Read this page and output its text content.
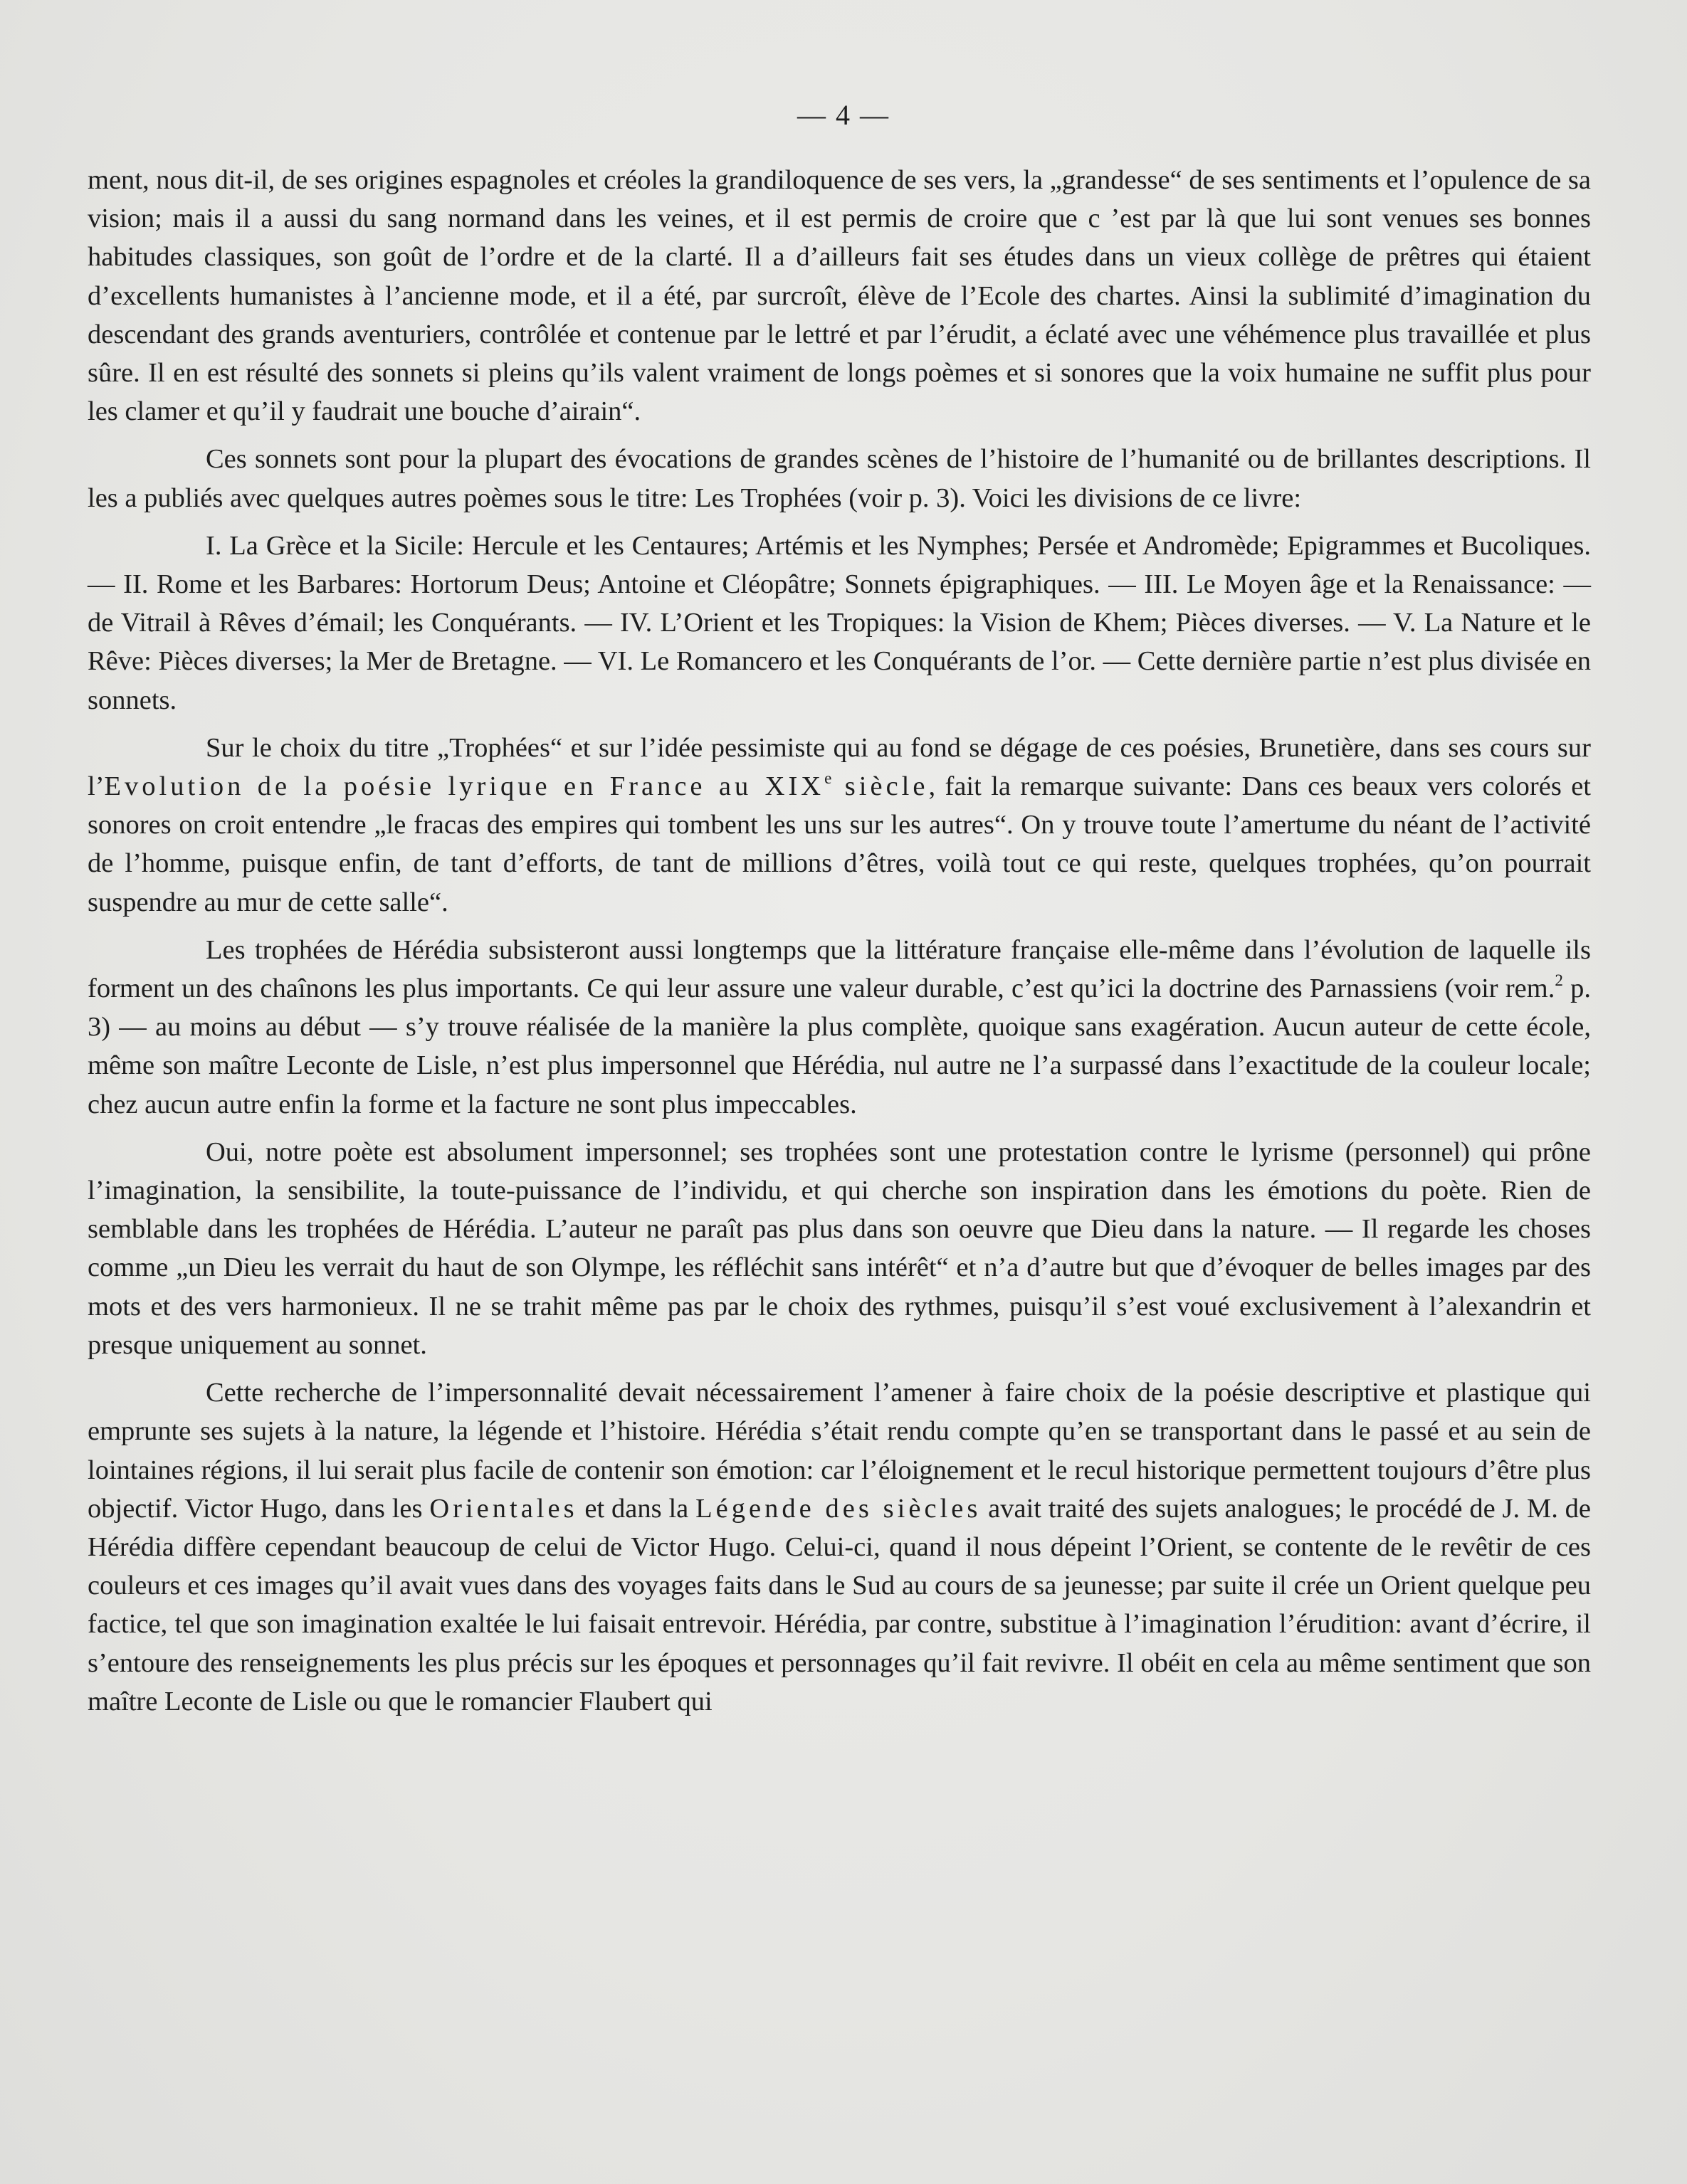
— 4 —

ment, nous dit-il, de ses origines espagnoles et créoles la grandiloquence de ses vers, la „grandesse“ de ses sentiments et l’opulence de sa vision; mais il a aussi du sang normand dans les veines, et il est permis de croire que c ’est par là que lui sont venues ses bonnes habitudes classiques, son goût de l’ordre et de la clarté. Il a d’ailleurs fait ses études dans un vieux collège de prêtres qui étaient d’excellents humanistes à l’ancienne mode, et il a été, par surcroît, élève de l’Ecole des chartes. Ainsi la sublimité d’imagination du descendant des grands aventuriers, contrôlée et contenue par le lettré et par l’érudit, a éclaté avec une véhémence plus travaillée et plus sûre. Il en est résulté des sonnets si pleins qu’ils valent vraiment de longs poèmes et si sonores que la voix humaine ne suffit plus pour les clamer et qu’il y faudrait une bouche d’airain“.

Ces sonnets sont pour la plupart des évocations de grandes scènes de l’histoire de l’humanité ou de brillantes descriptions. Il les a publiés avec quelques autres poèmes sous le titre: Les Trophées (voir p. 3). Voici les divisions de ce livre:

I. La Grèce et la Sicile: Hercule et les Centaures; Artémis et les Nymphes; Persée et Andromède; Epigrammes et Bucoliques. — II. Rome et les Barbares: Hortorum Deus; Antoine et Cléopâtre; Sonnets épigraphiques. — III. Le Moyen âge et la Renaissance: — de Vitrail à Rêves d’émail; les Conquérants. — IV. L’Orient et les Tropiques: la Vision de Khem; Pièces diverses. — V. La Nature et le Rêve: Pièces diverses; la Mer de Bretagne. — VI. Le Romancero et les Conquérants de l’or. — Cette dernière partie n’est plus divisée en sonnets.

Sur le choix du titre „Trophées“ et sur l’idée pessimiste qui au fond se dégage de ces poésies, Brunetière, dans ses cours sur l’Evolution de la poésie lyrique en France au XIXe siècle, fait la remarque suivante: Dans ces beaux vers colorés et sonores on croit entendre „le fracas des empires qui tombent les uns sur les autres“. On y trouve toute l’amertume du néant de l’activité de l’homme, puisque enfin, de tant d’efforts, de tant de millions d’êtres, voilà tout ce qui reste, quelques trophées, qu’on pourrait suspendre au mur de cette salle“.

Les trophées de Hérédia subsisteront aussi longtemps que la littérature française elle-même dans l’évolution de laquelle ils forment un des chaînons les plus importants. Ce qui leur assure une valeur durable, c’est qu’ici la doctrine des Parnassiens (voir rem.$^2$ p. 3) — au moins au début — s’y trouve réalisée de la manière la plus complète, quoique sans exagération. Aucun auteur de cette école, même son maître Leconte de Lisle, n’est plus impersonnel que Hérédia, nul autre ne l’a surpassé dans l’exactitude de la couleur locale; chez aucun autre enfin la forme et la facture ne sont plus impeccables.

Oui, notre poète est absolument impersonnel; ses trophées sont une protestation contre le lyrisme (personnel) qui prône l’imagination, la sensibilite, la toute-puissance de l’individu, et qui cherche son inspiration dans les émotions du poète. Rien de semblable dans les trophées de Hérédia. L’auteur ne paraît pas plus dans son oeuvre que Dieu dans la nature. — Il regarde les choses comme „un Dieu les verrait du haut de son Olympe, les réfléchit sans intérêt“ et n’a d’autre but que d’évoquer de belles images par des mots et des vers harmonieux. Il ne se trahit même pas par le choix des rythmes, puisqu’il s’est voué exclusivement à l’alexandrin et presque uniquement au sonnet.

Cette recherche de l’impersonnalité devait nécessairement l’amener à faire choix de la poésie descriptive et plastique qui emprunte ses sujets à la nature, la légende et l’histoire. Hérédia s’était rendu compte qu’en se transportant dans le passé et au sein de lointaines régions, il lui serait plus facile de contenir son émotion: car l’éloignement et le recul historique permettent toujours d’être plus objectif. Victor Hugo, dans les Orientales et dans la Légende des siècles avait traité des sujets analogues; le procédé de J. M. de Hérédia diffère cependant beaucoup de celui de Victor Hugo. Celui-ci, quand il nous dépeint l’Orient, se contente de le revêtir de ces couleurs et ces images qu’il avait vues dans des voyages faits dans le Sud au cours de sa jeunesse; par suite il crée un Orient quelque peu factice, tel que son imagination exaltée le lui faisait entrevoir. Hérédia, par contre, substitue à l’imagination l’érudition: avant d’écrire, il s’entoure des renseignements les plus précis sur les époques et personnages qu’il fait revivre. Il obéit en cela au même sentiment que son maître Leconte de Lisle ou que le romancier Flaubert qui
